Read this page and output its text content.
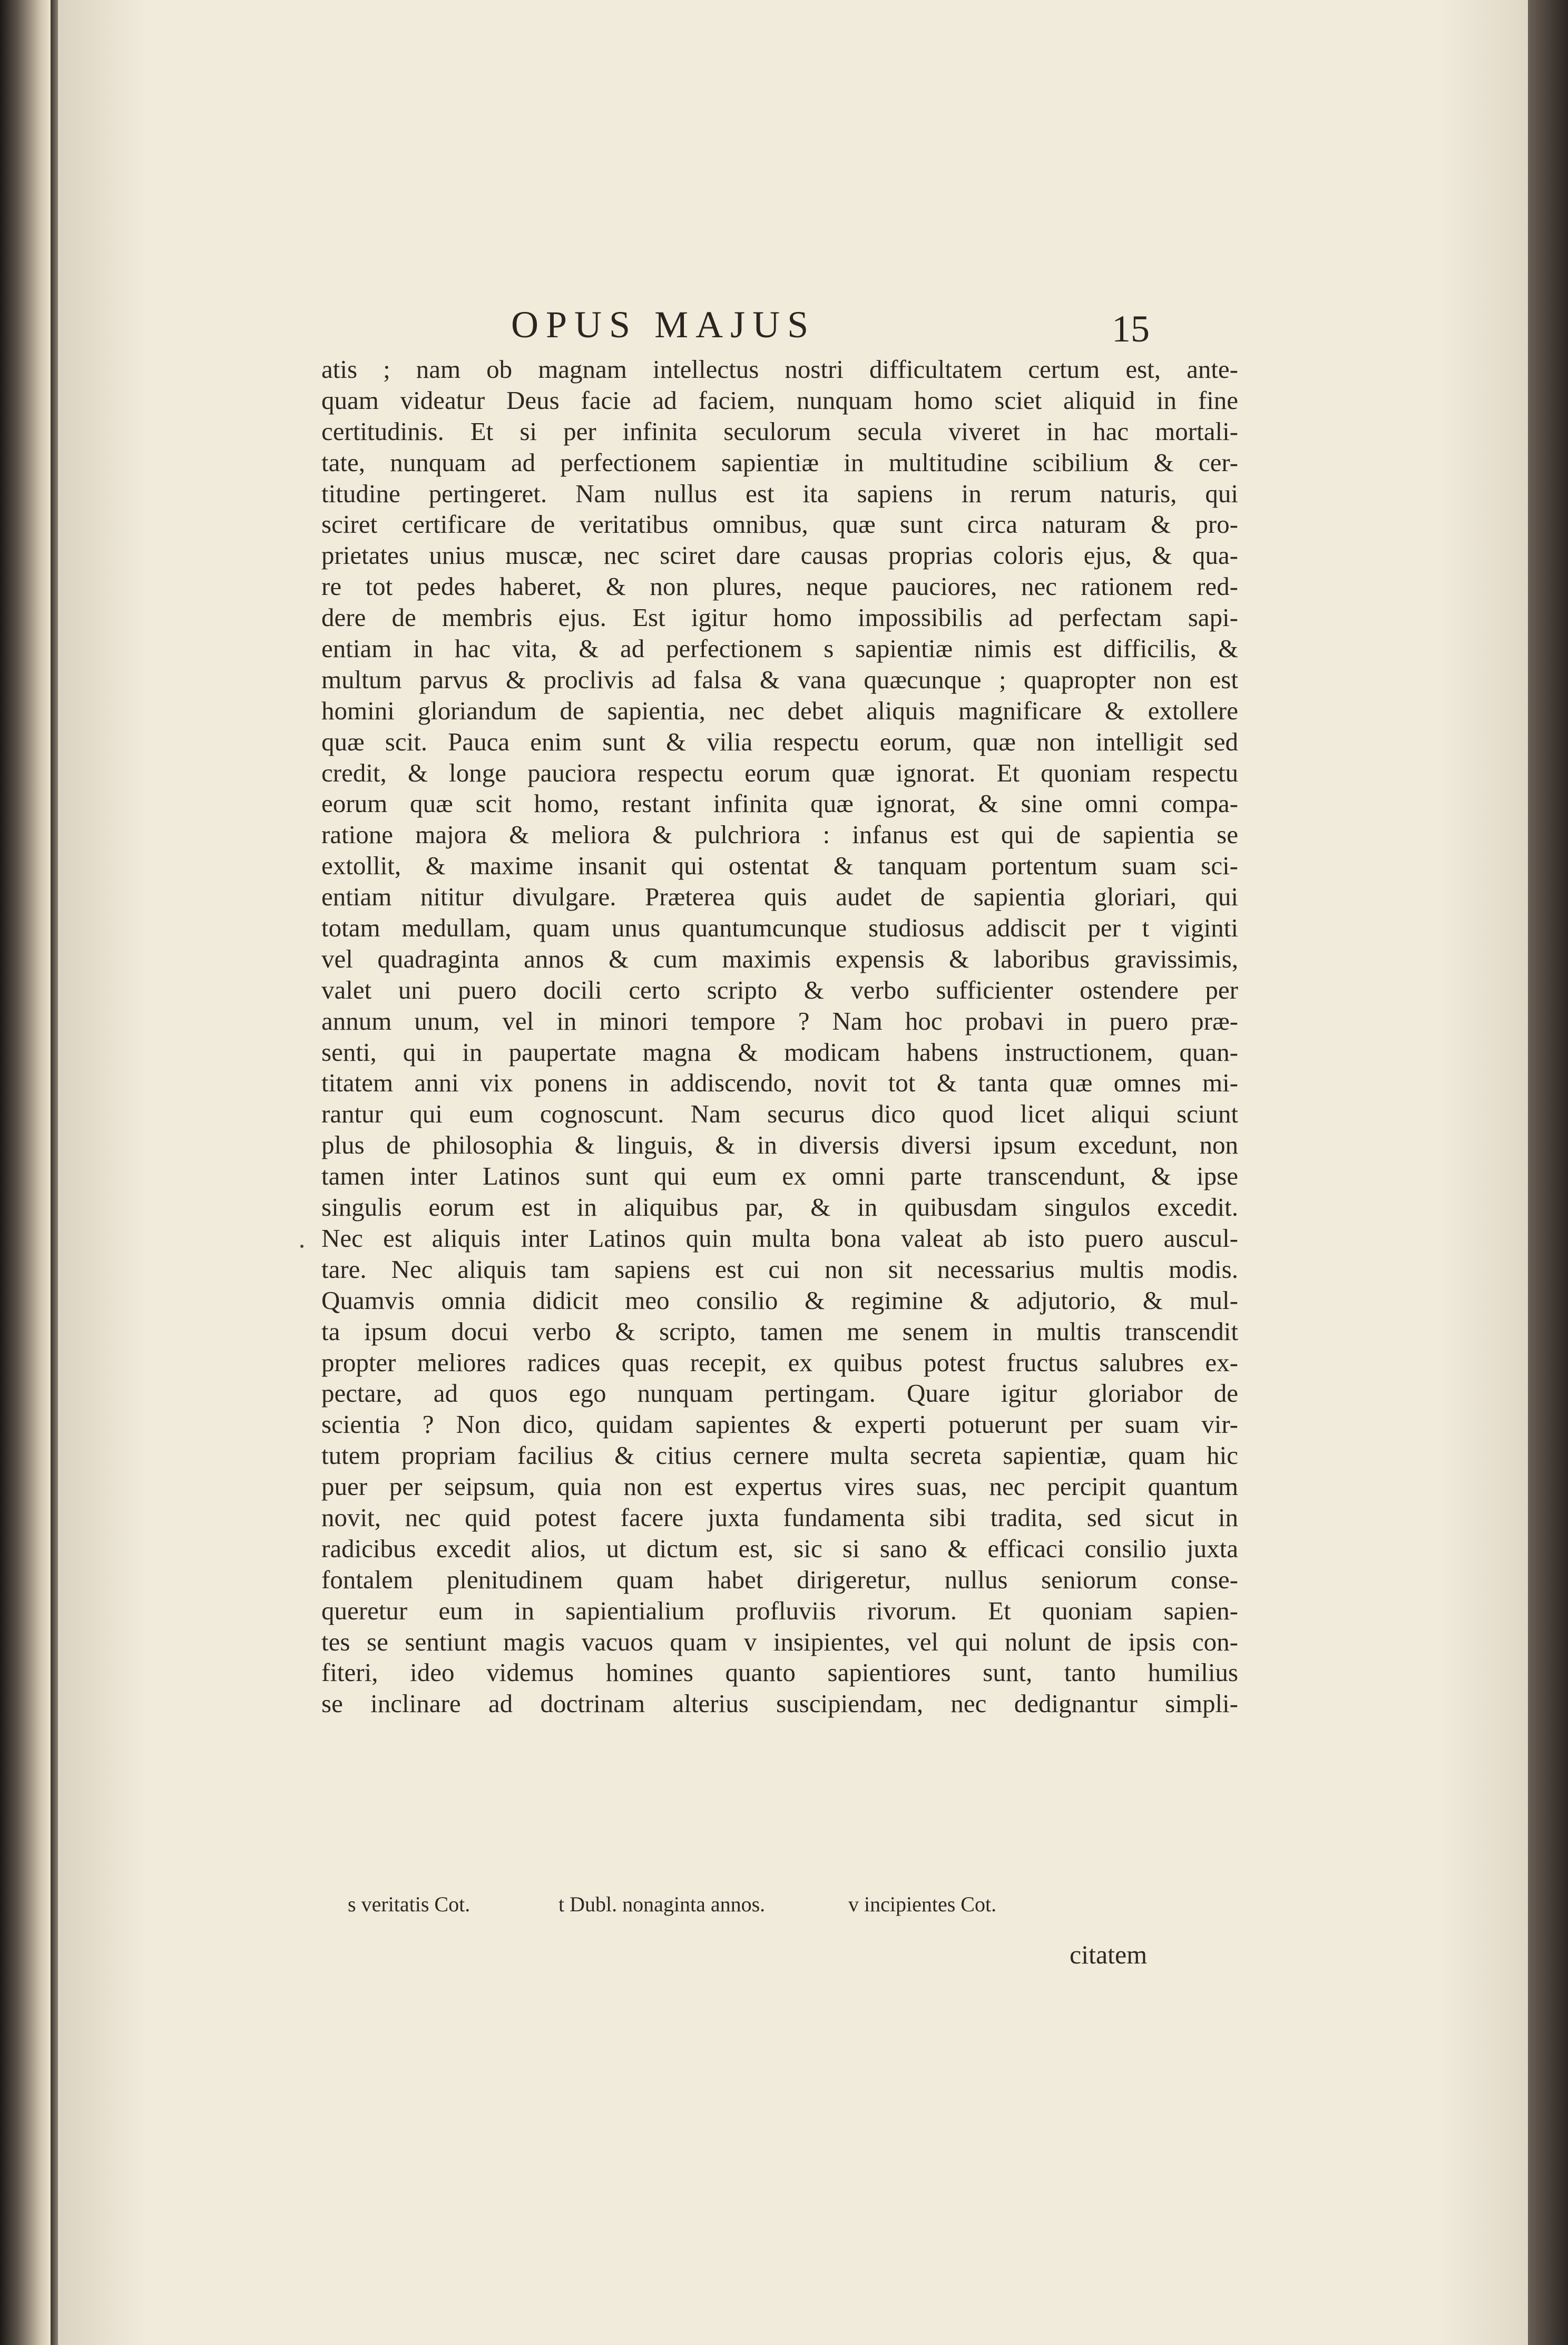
OPUS MAJUS	15
atis ; nam ob magnam intellectus nostri difficultatem certum est, ante-
quam videatur Deus facie ad faciem, nunquam homo sciet aliquid in fine
certitudinis. Et si per infinita seculorum secula viveret in hac mortali-
tate, nunquam ad perfectionem sapientiæ in multitudine scibilium & cer-
titudine pertingeret. Nam nullus est ita sapiens in rerum naturis, qui
sciret certificare de veritatibus omnibus, quæ sunt circa naturam & pro-
prietates unius muscæ, nec sciret dare causas proprias coloris ejus, & qua-
re tot pedes haberet, & non plures, neque pauciores, nec rationem red-
dere de membris ejus. Est igitur homo impossibilis ad perfectam sapi-
entiam in hac vita, & ad perfectionem s sapientiæ nimis est difficilis, &
multum parvus & proclivis ad falsa & vana quæcunque ; quapropter non est
homini gloriandum de sapientia, nec debet aliquis magnificare & extollere
quæ scit. Pauca enim sunt & vilia respectu eorum, quæ non intelligit sed
credit, & longe pauciora respectu eorum quæ ignorat. Et quoniam respectu
eorum quæ scit homo, restant infinita quæ ignorat, & sine omni compa-
ratione majora & meliora & pulchriora : infanus est qui de sapientia se
extollit, & maxime insanit qui ostentat & tanquam portentum suam sci-
entiam nititur divulgare. Præterea quis audet de sapientia gloriari, qui
totam medullam, quam unus quantumcunque studiosus addiscit per t viginti
vel quadraginta annos & cum maximis expensis & laboribus gravissimis,
valet uni puero docili certo scripto & verbo sufficienter ostendere per
annum unum, vel in minori tempore ? Nam hoc probavi in puero præ-
senti, qui in paupertate magna & modicam habens instructionem, quan-
titatem anni vix ponens in addiscendo, novit tot & tanta quæ omnes mi-
rantur qui eum cognoscunt. Nam securus dico quod licet aliqui sciunt
plus de philosophia & linguis, & in diversis diversi ipsum excedunt, non
tamen inter Latinos sunt qui eum ex omni parte transcendunt, & ipse
singulis eorum est in aliquibus par, & in quibusdam singulos excedit.
Nec est aliquis inter Latinos quin multa bona valeat ab isto puero auscul-
tare. Nec aliquis tam sapiens est cui non sit necessarius multis modis.
Quamvis omnia didicit meo consilio & regimine & adjutorio, & mul-
ta ipsum docui verbo & scripto, tamen me senem in multis transcendit
propter meliores radices quas recepit, ex quibus potest fructus salubres ex-
pectare, ad quos ego nunquam pertingam. Quare igitur gloriabor de
scientia ? Non dico, quidam sapientes & experti potuerunt per suam vir-
tutem propriam facilius & citius cernere multa secreta sapientiæ, quam hic
puer per seipsum, quia non est expertus vires suas, nec percipit quantum
novit, nec quid potest facere juxta fundamenta sibi tradita, sed sicut in
radicibus excedit alios, ut dictum est, sic si sano & efficaci consilio juxta
fontalem plenitudinem quam habet dirigeretur, nullus seniorum conse-
queretur eum in sapientialium profluviis rivorum. Et quoniam sapien-
tes se sentiunt magis vacuos quam v insipientes, vel qui nolunt de ipsis con-
fiteri, ideo videmus homines quanto sapientiores sunt, tanto humilius
se inclinare ad doctrinam alterius suscipiendam, nec dedignantur simpli-
s veritatis Cot.	t Dubl. nonaginta annos.	v incipientes Cot.
citatem
